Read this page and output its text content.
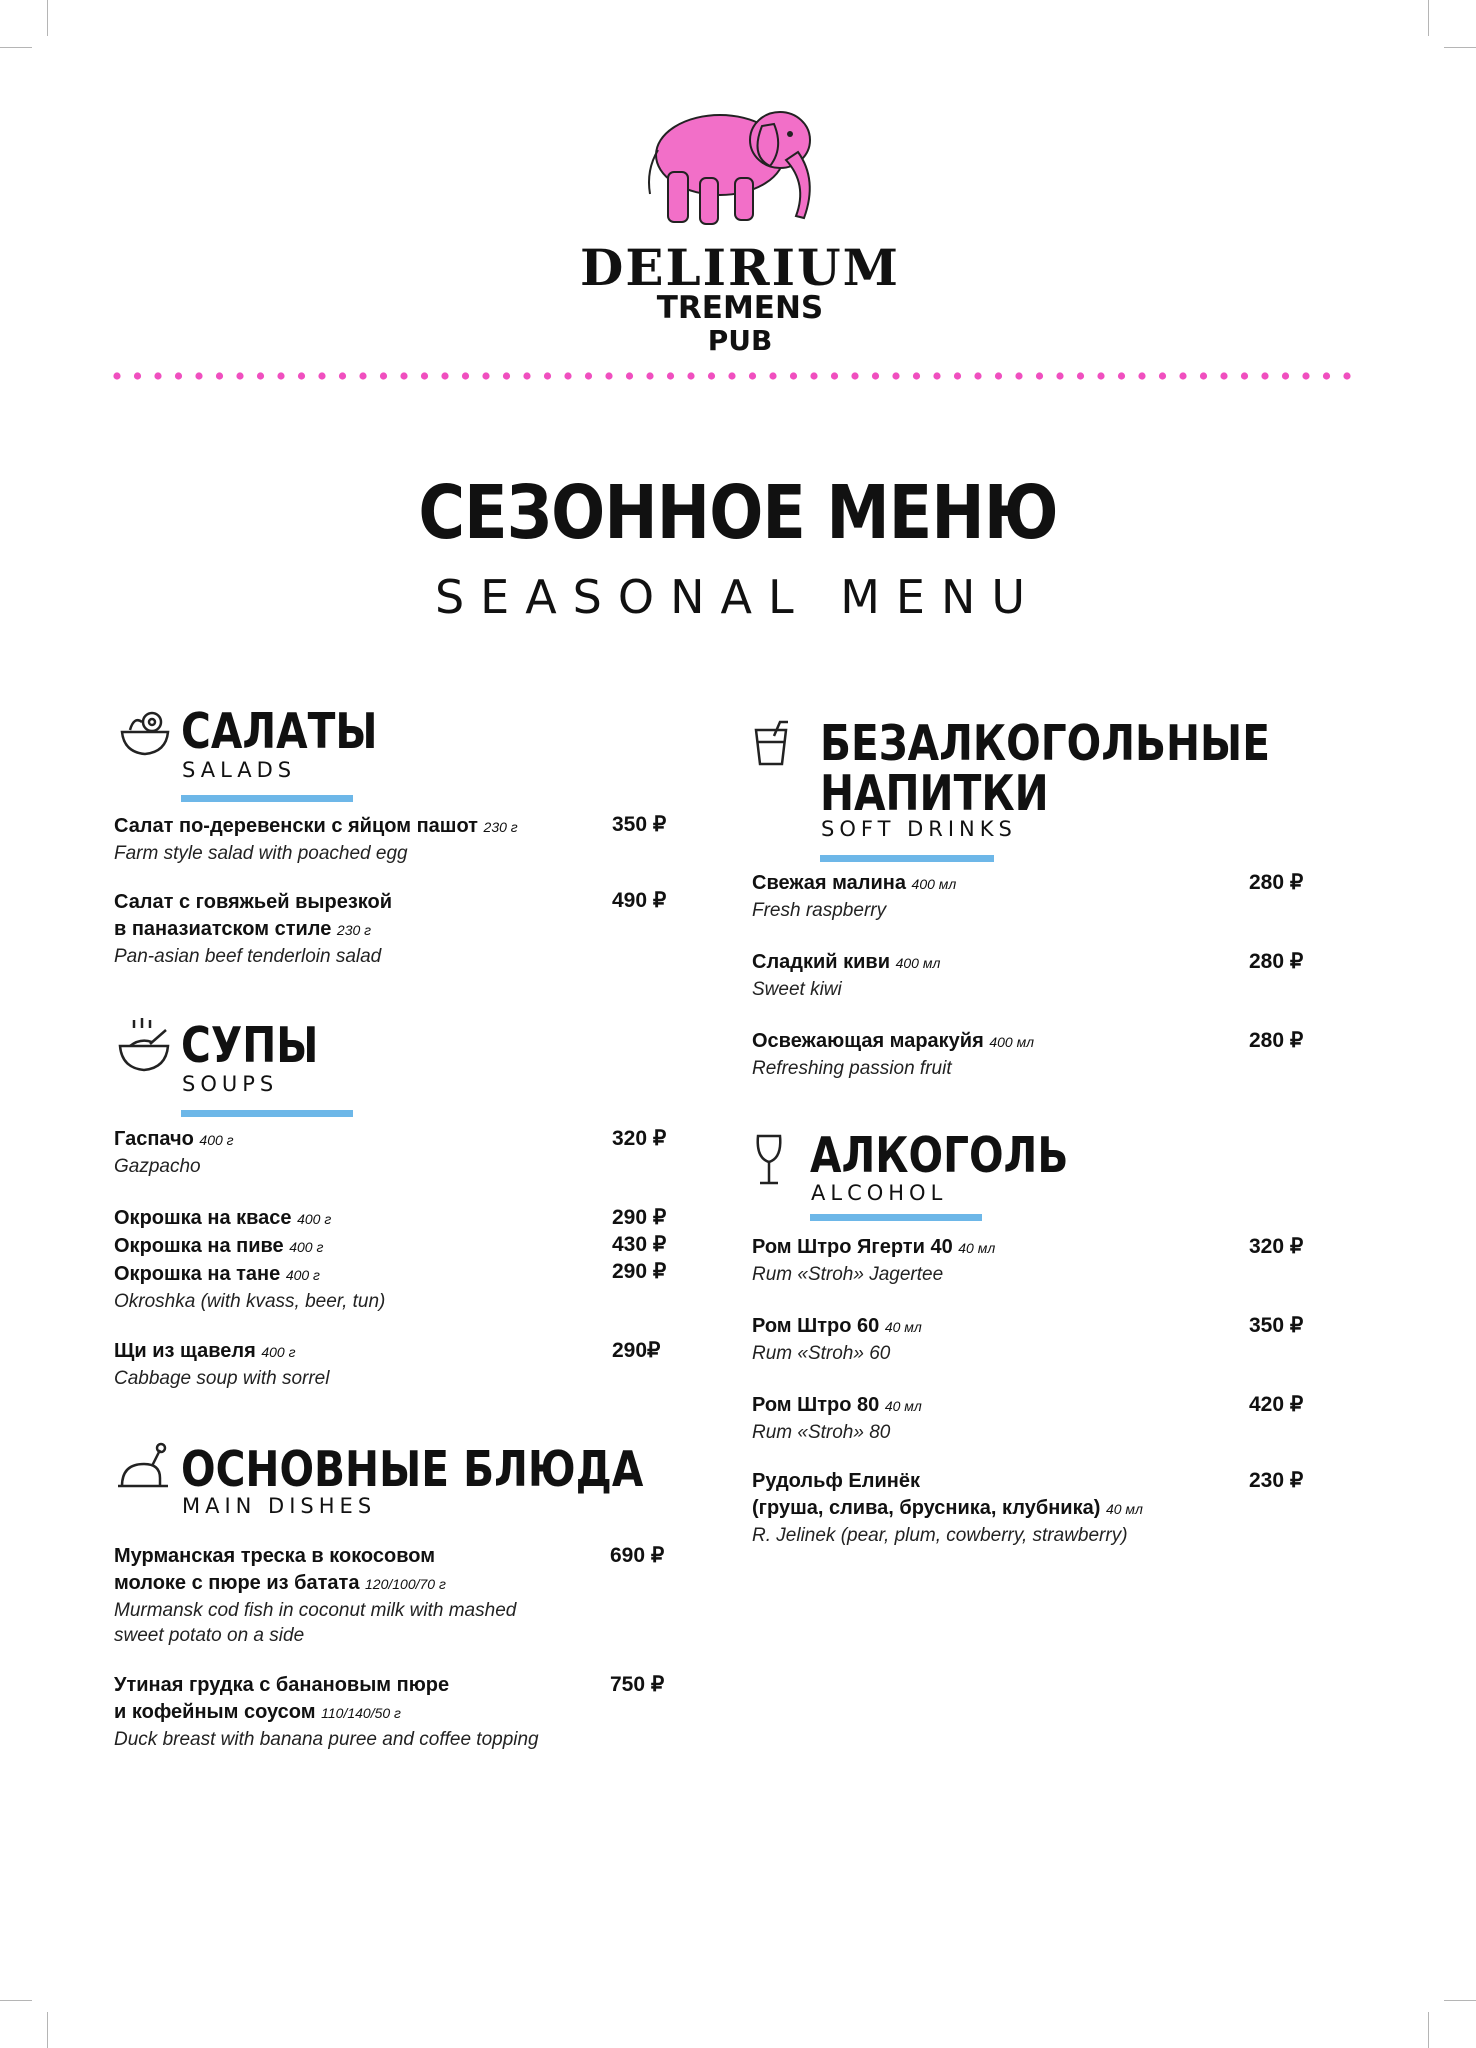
DELIRIUM
TREMENS
PUB
СЕЗОННОЕ МЕНЮ
SEASONAL MENU
САЛАТЫ
SALADS
Салат по-деревенски с яйцом пашот 230 г
Farm style salad with poached egg
350 ₽
Салат с говяжьей вырезкой
в паназиатском стиле 230 г
Pan-asian beef tenderloin salad
490 ₽
СУПЫ
SOUPS
Гаспачо 400 г
Gazpacho
320 ₽
Окрошка на квасе 400 г
Окрошка на пиве 400 г
Окрошка на тане 400 г
Okroshka (with kvass, beer, tun)
290 ₽
430 ₽
290 ₽
Щи из щавеля 400 г
Cabbage soup with sorrel
290₽
ОСНОВНЫЕ БЛЮДА
MAIN DISHES
Мурманская треска в кокосовом
молоке с пюре из батата 120/100/70 г
Murmansk cod fish in coconut milk with mashed
sweet potato on a side
690 ₽
Утиная грудка с банановым пюре
и кофейным соусом 110/140/50 г
Duck breast with banana puree and coffee topping
750 ₽
БЕЗАЛКОГОЛЬНЫЕ
НАПИТКИ
SOFT DRINKS
Свежая малина 400 мл
Fresh raspberry
280 ₽
Сладкий киви 400 мл
Sweet kiwi
280 ₽
Освежающая маракуйя 400 мл
Refreshing passion fruit
280 ₽
АЛКОГОЛЬ
ALCOHOL
Ром Штро Ягерти 40 40 мл
Rum «Stroh» Jagertee
320 ₽
Ром Штро 60 40 мл
Rum «Stroh» 60
350 ₽
Ром Штро 80 40 мл
Rum «Stroh» 80
420 ₽
Рудольф Елинёк
(груша, слива, брусника, клубника) 40 мл
R. Jelinek (pear, plum, cowberry, strawberry)
230 ₽
